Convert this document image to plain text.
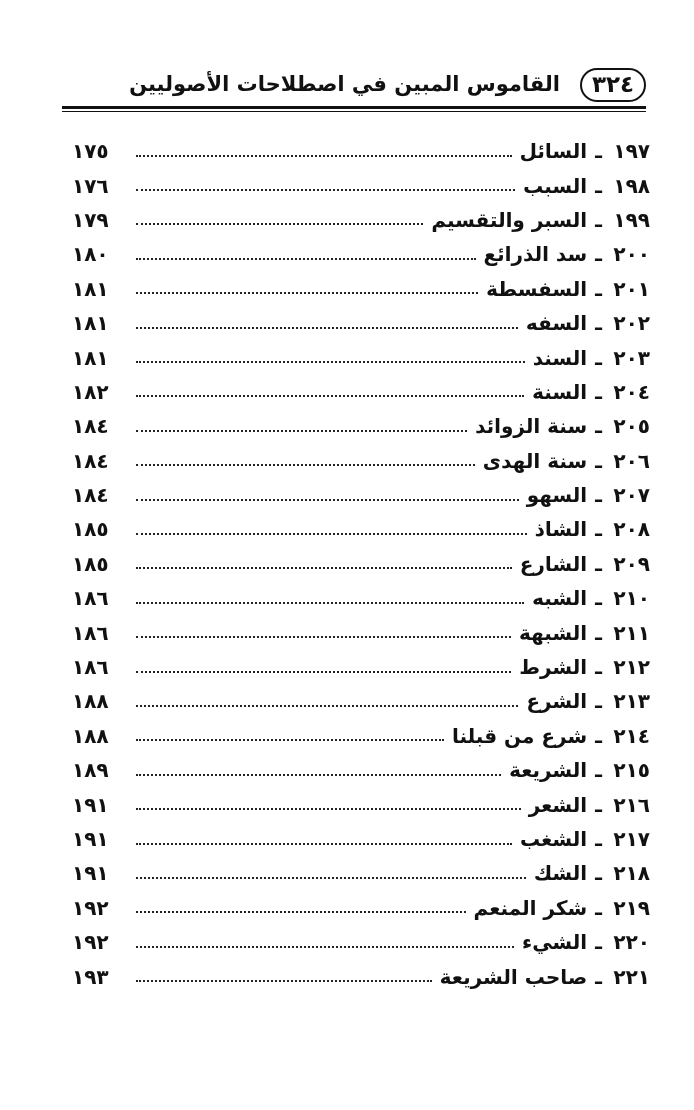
٣٢٤
القاموس المبين في اصطلاحات الأصوليين
١٩٧
ـ
السائل
١٧٥
١٩٨
ـ
السبب
١٧٦
١٩٩
ـ
السبر والتقسيم
١٧٩
٢٠٠
ـ
سد الذرائع
١٨٠
٢٠١
ـ
السفسطة
١٨١
٢٠٢
ـ
السفه
١٨١
٢٠٣
ـ
السند
١٨١
٢٠٤
ـ
السنة
١٨٢
٢٠٥
ـ
سنة الزوائد
١٨٤
٢٠٦
ـ
سنة الهدى
١٨٤
٢٠٧
ـ
السهو
١٨٤
٢٠٨
ـ
الشاذ
١٨٥
٢٠٩
ـ
الشارع
١٨٥
٢١٠
ـ
الشبه
١٨٦
٢١١
ـ
الشبهة
١٨٦
٢١٢
ـ
الشرط
١٨٦
٢١٣
ـ
الشرع
١٨٨
٢١٤
ـ
شرع من قبلنا
١٨٨
٢١٥
ـ
الشريعة
١٨٩
٢١٦
ـ
الشعر
١٩١
٢١٧
ـ
الشغب
١٩١
٢١٨
ـ
الشك
١٩١
٢١٩
ـ
شكر المنعم
١٩٢
٢٢٠
ـ
الشيء
١٩٢
٢٢١
ـ
صاحب الشريعة
١٩٣
